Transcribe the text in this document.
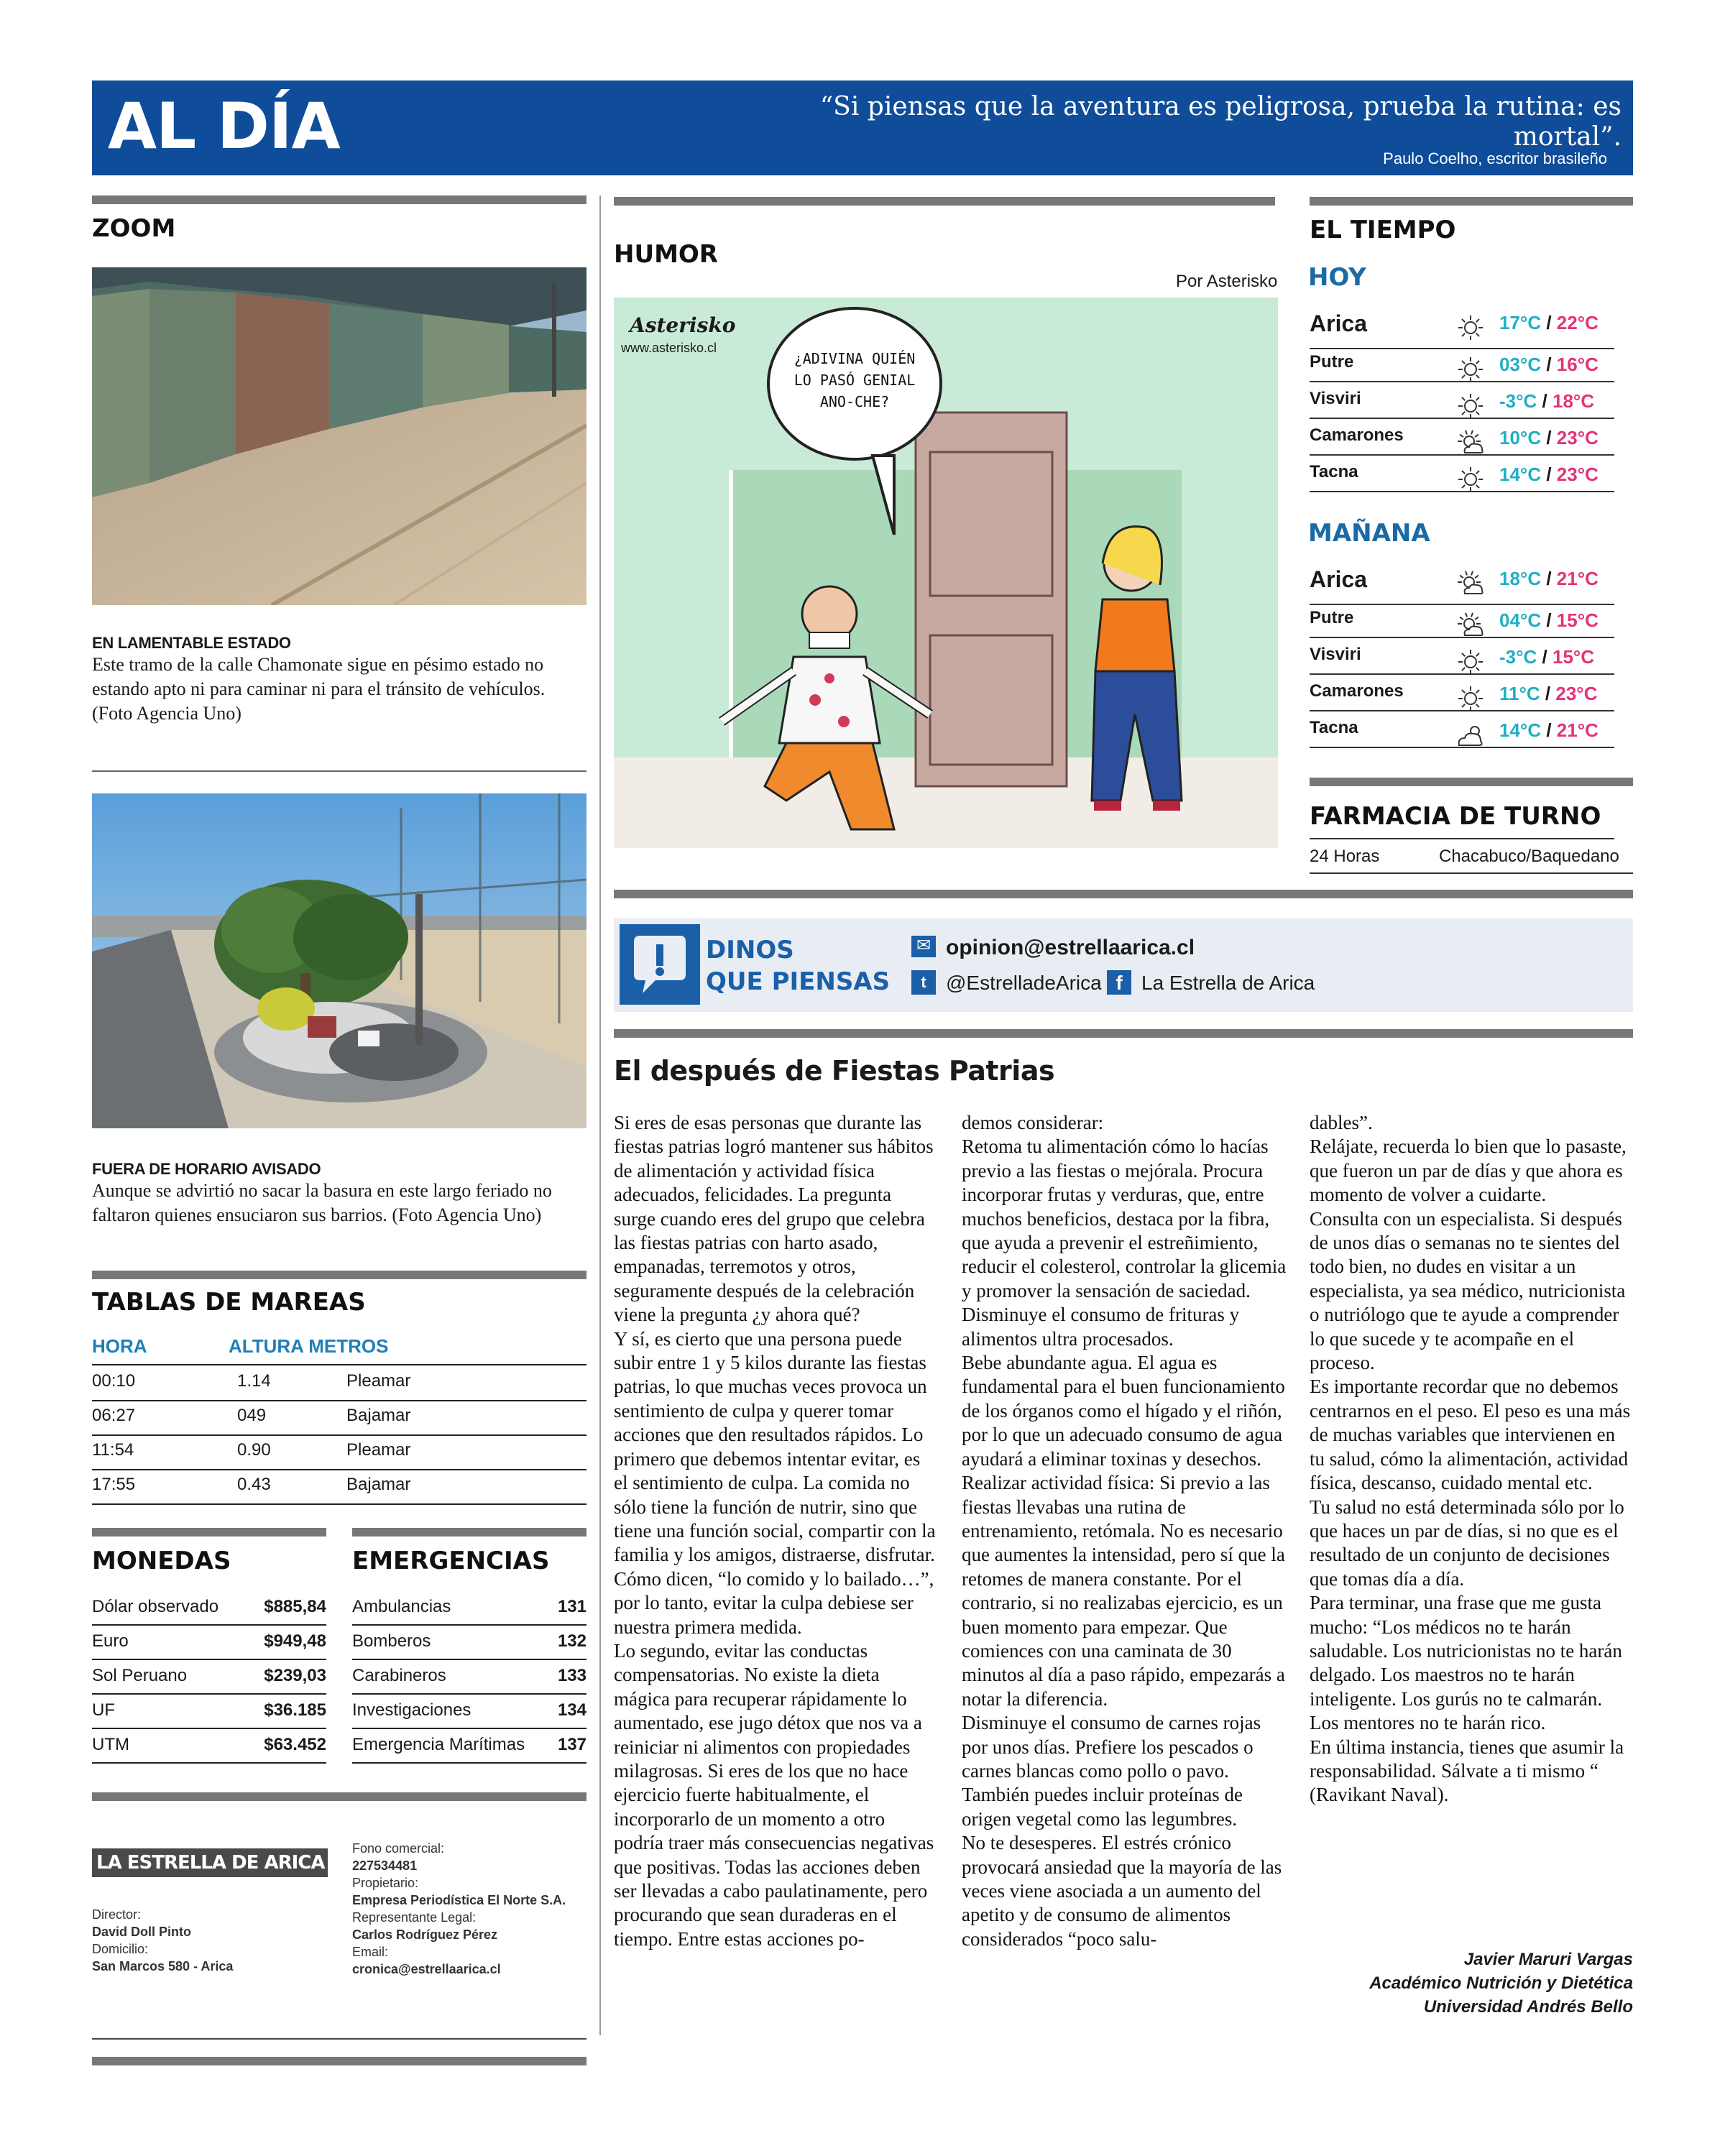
AL DÍA	“Si piensas que la aventura es peligrosa, prueba la rutina: es mortal”.
Paulo Coelho, escritor brasileño
ZOOM
EN LAMENTABLE ESTADO
Este tramo de la calle Chamonate sigue en pésimo estado no estando apto ni para caminar ni para el tránsito de vehículos. (Foto Agencia Uno)
FUERA DE HORARIO AVISADO
Aunque se advirtió no sacar la basura en este largo feriado no faltaron quienes ensuciaron sus barrios. (Foto Agencia Uno)
TABLAS DE MAREAS
HORA	ALTURA METROS
00:10	1.14	Pleamar
06:27	049	Bajamar
11:54	0.90	Pleamar
17:55	0.43	Bajamar
MONEDAS	EMERGENCIAS
Dólar observado	$885,84
Euro	$949,48
Sol Peruano	$239,03
UF	$36.185
UTM	$63.452
Ambulancias	131
Bomberos	132
Carabineros	133
Investigaciones	134
Emergencia Marítimas 137
LA ESTRELLA DE ARICA
Director:
David Doll Pinto
Domicilio:
San Marcos 580 - Arica
Fono comercial:
227534481
Propietario:
Empresa Periodística El Norte S.A.
Representante Legal:
Carlos Rodríguez Pérez
Email:
cronica@estrellaarica.cl
HUMOR
Por Asterisko
Asterisko
www.asterisko.cl
¿ADIVINA QUIÉN LO PASÓ GENIAL ANO-CHE?
EL TIEMPO
HOY
MAÑANA
Arica	17°C / 22°C
Putre	03°C / 16°C
Visviri	-3°C / 18°C
Camarones	10°C / 23°C
Tacna	14°C / 23°C
Arica	18°C / 21°C
Putre	04°C / 15°C
Visviri	-3°C / 15°C
Camarones	11°C / 23°C
Tacna	14°C / 21°C
FARMACIA DE TURNO
24 Horas	Chacabuco/Baquedano
DINOS
QUE PIENSAS
✉ opinion@estrellaarica.cl
t @EstrelladeArica f La Estrella de Arica
El después de Fiestas Patrias
Si eres de esas personas que durante las fiestas patrias logró mantener sus hábitos de alimentación y actividad física adecuados, felicidades. La pregunta surge cuando eres del grupo que celebra las fiestas patrias con harto asado, empanadas, terremotos y otros, seguramente después de la celebración viene la pregunta ¿y ahora qué?
Y sí, es cierto que una persona puede subir entre 1 y 5 kilos durante las fiestas patrias, lo que muchas veces provoca un sentimiento de culpa y querer tomar acciones que den resultados rápidos. Lo primero que debemos intentar evitar, es el sentimiento de culpa. La comida no sólo tiene la función de nutrir, sino que tiene una función social, compartir con la familia y los amigos, distraerse, disfrutar. Cómo dicen, “lo comido y lo bailado…”, por lo tanto, evitar la culpa debiese ser nuestra primera medida.
Lo segundo, evitar las conductas compensatorias. No existe la dieta mágica para recuperar rápidamente lo aumentado, ese jugo détox que nos va a reiniciar ni alimentos con propiedades milagrosas. Si eres de los que no hace ejercicio fuerte habitualmente, el incorporarlo de un momento a otro podría traer más consecuencias negativas que positivas. Todas las acciones deben ser llevadas a cabo paulatinamente, pero procurando que sean duraderas en el tiempo. Entre estas acciones po-
demos considerar:
Retoma tu alimentación cómo lo hacías previo a las fiestas o mejórala. Procura incorporar frutas y verduras, que, entre muchos beneficios, destaca por la fibra, que ayuda a prevenir el estreñimiento, reducir el colesterol, controlar la glicemia y promover la sensación de saciedad.
Disminuye el consumo de frituras y alimentos ultra procesados.
Bebe abundante agua. El agua es fundamental para el buen funcionamiento de los órganos como el hígado y el riñón, por lo que un adecuado consumo de agua ayudará a eliminar toxinas y desechos.
Realizar actividad física: Si previo a las fiestas llevabas una rutina de entrenamiento, retómala. No es necesario que aumentes la intensidad, pero sí que la retomes de manera constante. Por el contrario, si no realizabas ejercicio, es un buen momento para empezar. Que comiences con una caminata de 30 minutos al día a paso rápido, empezarás a notar la diferencia.
Disminuye el consumo de carnes rojas por unos días. Prefiere los pescados o carnes blancas como pollo o pavo. También puedes incluir proteínas de origen vegetal como las legumbres.
No te desesperes. El estrés crónico provocará ansiedad que la mayoría de las veces viene asociada a un aumento del apetito y de consumo de alimentos considerados “poco salu-
dables”.
Relájate, recuerda lo bien que lo pasaste, que fueron un par de días y que ahora es momento de volver a cuidarte.
Consulta con un especialista. Si después de unos días o semanas no te sientes del todo bien, no dudes en visitar a un especialista, ya sea médico, nutricionista o nutriólogo que te ayude a comprender lo que sucede y te acompañe en el proceso.
Es importante recordar que no debemos centrarnos en el peso. El peso es una más de muchas variables que intervienen en tu salud, cómo la alimentación, actividad física, descanso, cuidado mental etc.
Tu salud no está determinada sólo por lo que haces un par de días, si no que es el resultado de un conjunto de decisiones que tomas día a día.
Para terminar, una frase que me gusta mucho: “Los médicos no te harán saludable. Los nutricionistas no te harán delgado. Los maestros no te harán inteligente. Los gurús no te calmarán. Los mentores no te harán rico.
En última instancia, tienes que asumir la responsabilidad. Sálvate a ti mismo “ (Ravikant Naval).
Javier Maruri Vargas
Académico Nutrición y Dietética
Universidad Andrés Bello
